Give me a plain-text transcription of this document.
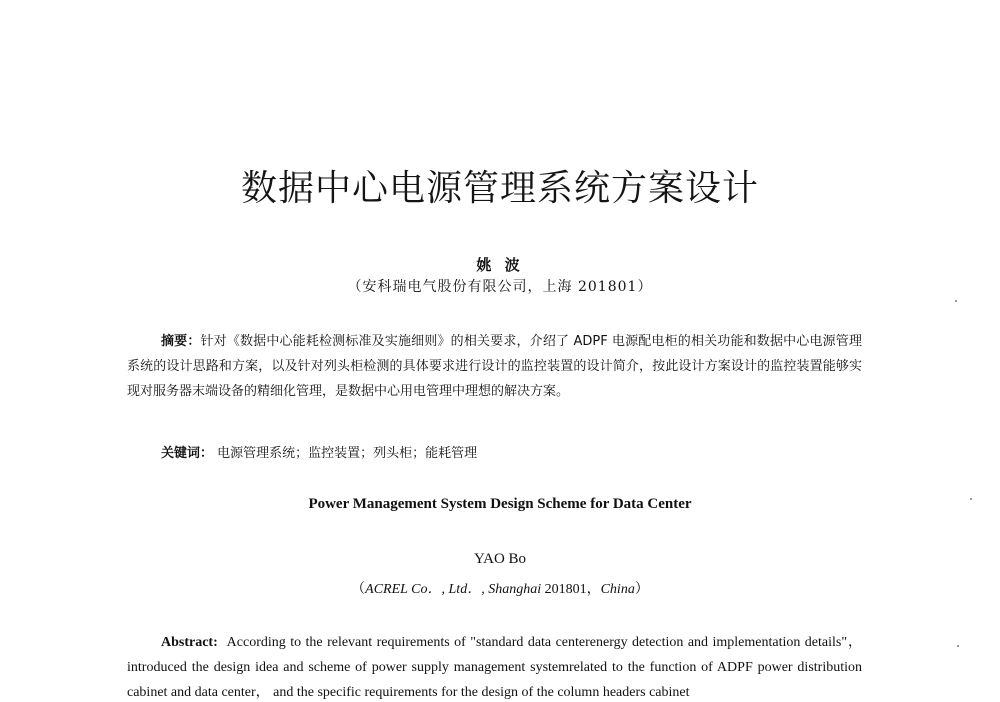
数据中心电源管理系统方案设计
姚 波
（安科瑞电气股份有限公司，上海 201801）
摘要：针对《数据中心能耗检测标准及实施细则》的相关要求，介绍了 ADPF 电源配电柜的相关功能和数据中心电源管理系统的设计思路和方案，以及针对列头柜检测的具体要求进行设计的监控装置的设计简介，按此设计方案设计的监控装置能够实现对服务器末端设备的精细化管理，是数据中心用电管理中理想的解决方案。
关键词： 电源管理系统；监控装置；列头柜；能耗管理
Power Management System Design Scheme for Data Center
YAO Bo
（ACREL Co．, Ltd．, Shanghai 201801，China）
Abstract: According to the relevant requirements of "standard data centerenergy detection and implementation details"，introduced the design idea and scheme of power supply management systemrelated to the function of ADPF power distribution cabinet and data center， and the specific requirements for the design of the column headers cabinet
